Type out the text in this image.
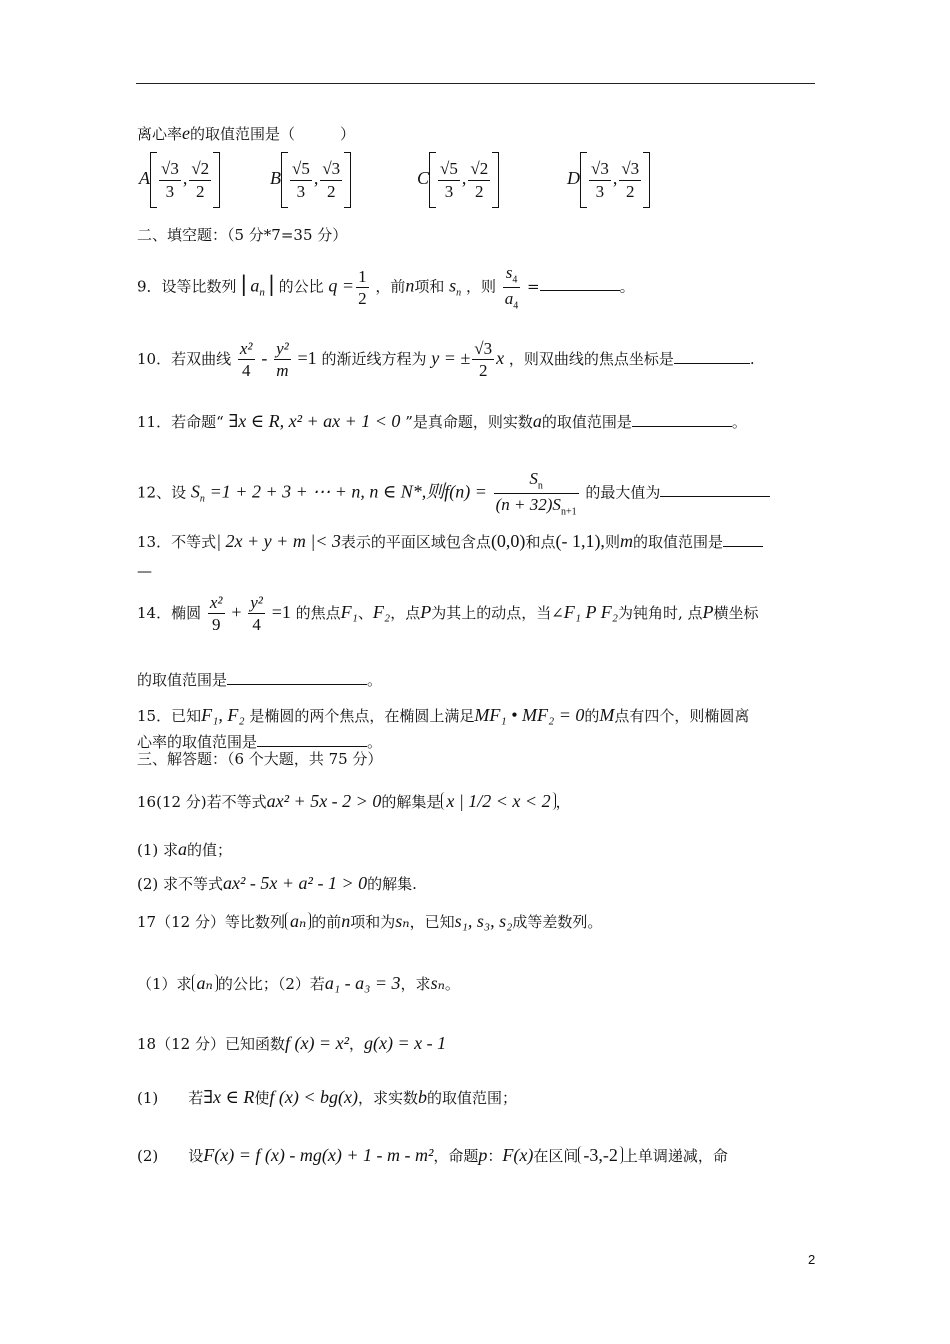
离心率e的取值范围是（　　　）
A $\frac{√3}{3}$ , $\frac{√2}{2}$	B $\frac{√5}{3}$ , $\frac{√3}{2}$	C $\frac{√5}{3}$ , $\frac{√2}{2}$	D $\frac{√3}{3}$ , $\frac{√3}{2}$
二、填空题：（5 分*7=35 分）
9．设等比数列 $⎢a_n⎥$ 的公比 $q = \frac{1}{2}$ ，前n项和 $s_n$ ，则 $\frac{s_4}{a_4}$ =	。
10．若双曲线 $\frac{\text{x²}}{4} - \frac{\text{y²}}{m} =1$ 的渐近线方程为 y = ± $\frac{√3}{2}$ x ，则双曲线的焦点坐标是	.
11．若命题“ ∃x ∈ R, x² + ax + 1 < 0 ”是真命题，则实数a的取值范围是	。
12、设 $S_n =1 + 2 + 3$ + ⋯ + n, n ∈ N*,则$f(n) = \frac{S_n}{(n + 32)S_{n+1}}$ 的最大值为
13．不等式| 2x + y + m |< 3表示的平面区域包含点(0,0)和点(- 1,1),则m的取值范围是
—
14．椭圆 $\frac{\text{x²}}{9} + \frac{\text{y²}}{4} =1$ 的焦点F₁、F₂，点P为其上的动点，当∠F₁ P F₂为钝角时, 点P横坐标
的取值范围是	。
15．已知F₁, F₂ 是椭圆的两个焦点，在椭圆上满足MF₁ • MF₂ = 0的M点有四个，则椭圆离
心率的取值范围是	。
三、解答题：（6 个大题，共 75 分）
16(12 分)若不等式ax² + 5x - 2 > 0的解集是 x | 1/2 < x < 2 ，
(1) 求a的值；
(2) 求不等式ax² - 5x + a² - 1 > 0的解集.
17（12 分）等比数列 aₙ 的前n项和为sₙ，已知s₁, s₃, s₂成等差数列。
（1）求 aₙ 的公比；（2）若a₁ - a₃ = 3，求sₙ。
18（12 分）已知函数f (x) = x²，g(x) = x - 1
(1)　　若∃x ∈ R使f (x) < bg(x)，求实数b的取值范围；
(2)　　设F(x) = f (x) - mg(x) + 1 - m - m²，命题p：F(x)在区间 -3,-2 上单调递减，命
2
